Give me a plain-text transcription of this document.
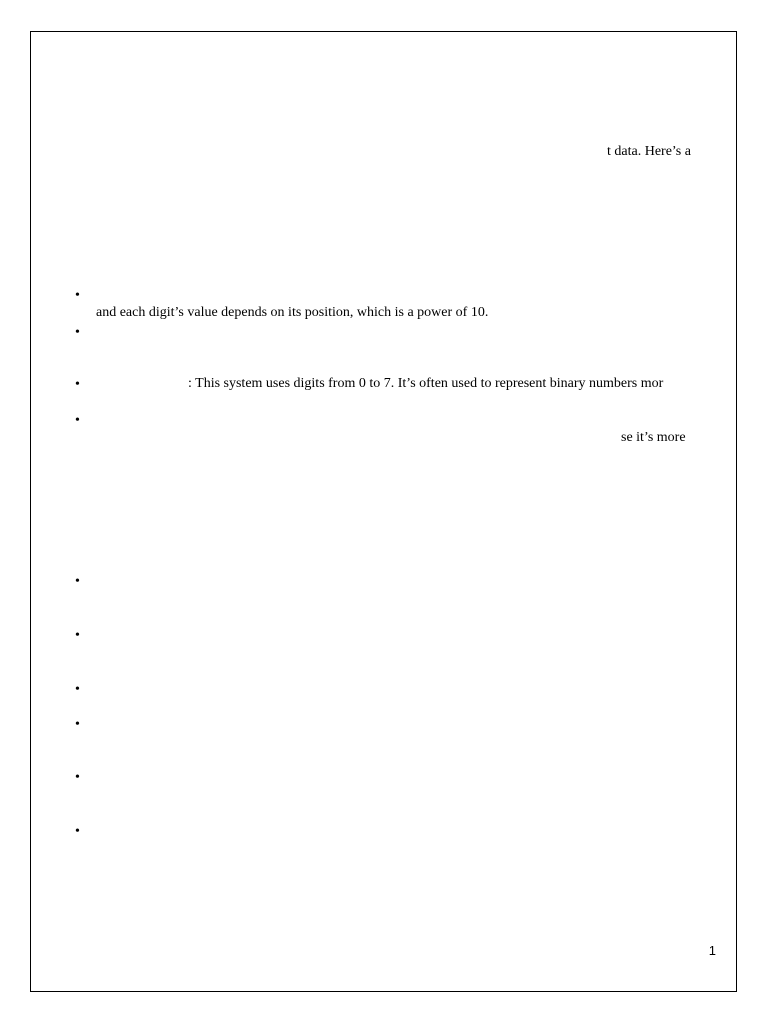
t data. Here’s a
•
and each digit’s value depends on its position, which is a power of 10.
•
•	: This system uses digits from 0 to 7. It’s often used to represent binary numbers mor
•
se it’s more
•
•
•
•
•
•
1
